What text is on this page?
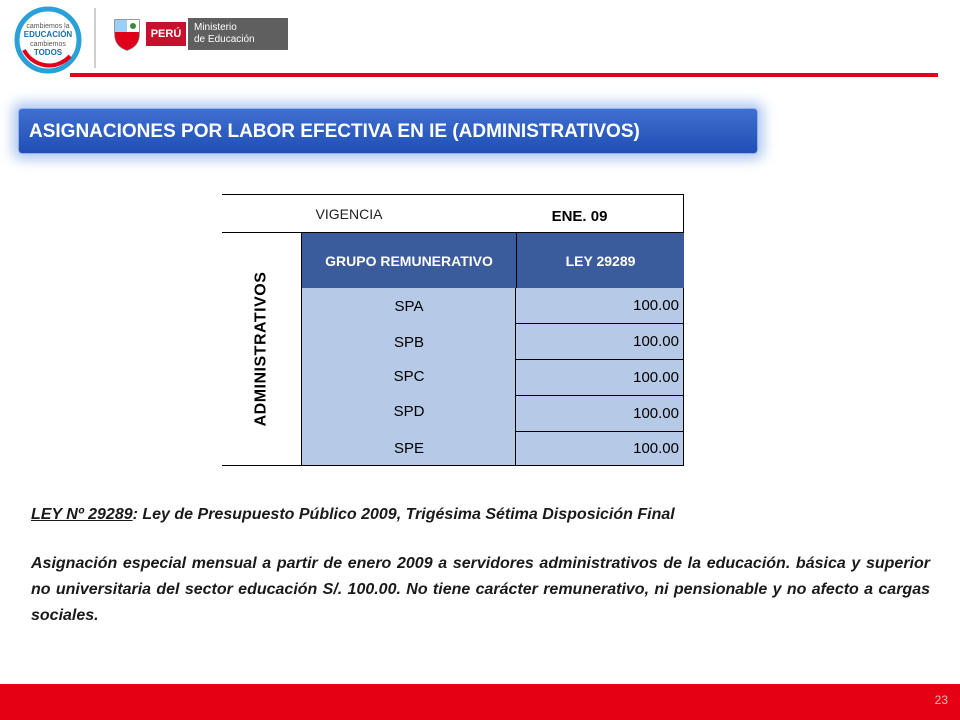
cambiemos la
EDUCACIÓN
cambiemos
TODOS
PERÚ
Ministerio
de Educación
ASIGNACIONES POR LABOR EFECTIVA EN IE (ADMINISTRATIVOS)
VIGENCIA	ENE. 09
ADMINISTRATIVOS
GRUPO REMUNERATIVO	LEY 29289
SPA
SPB
SPC
SPD
SPE
100.00
100.00
100.00
100.00
100.00
LEY Nº 29289: Ley de Presupuesto Público 2009, Trigésima Sétima Disposición Final
Asignación especial mensual a partir de enero 2009 a servidores administrativos de la educación. básica y superior no universitaria del sector educación S/. 100.00. No tiene carácter remunerativo, ni pensionable y no afecto a cargas sociales.
23
